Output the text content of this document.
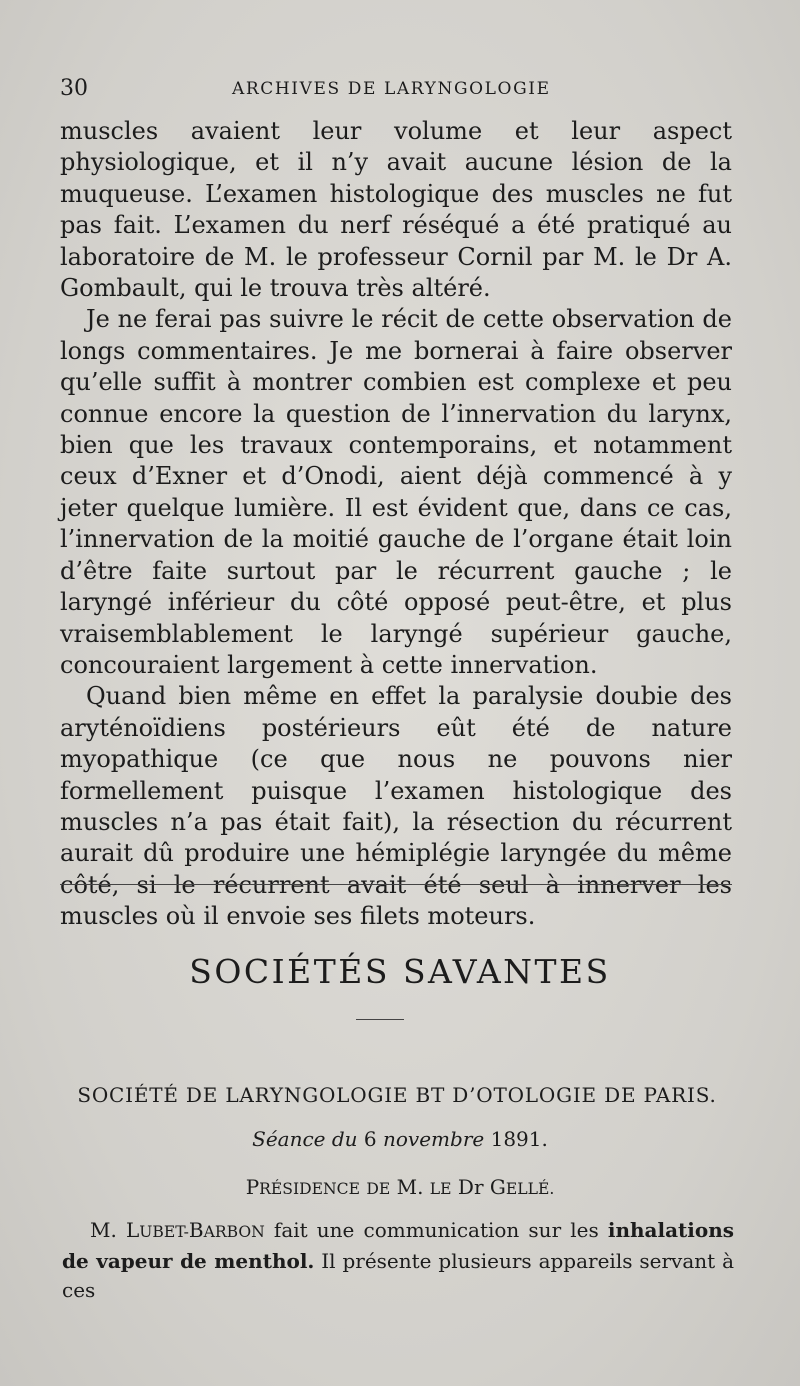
30	ARCHIVES DE LARYNGOLOGIE

muscles avaient leur volume et leur aspect physiologique, et il n’y avait aucune lésion de la muqueuse. L’examen histologique des muscles ne fut pas fait. L’examen du nerf réséqué a été pratiqué au laboratoire de M. le professeur Cornil par M. le Dr A. Gombault, qui le trouva très altéré.

Je ne ferai pas suivre le récit de cette observation de longs commentaires. Je me bornerai à faire observer qu’elle suffit à montrer combien est complexe et peu connue encore la question de l’innervation du larynx, bien que les travaux contemporains, et notamment ceux d’Exner et d’Onodi, aient déjà commencé à y jeter quelque lumière. Il est évident que, dans ce cas, l’innervation de la moitié gauche de l’organe était loin d’être faite surtout par le récurrent gauche ; le laryngé inférieur du côté opposé peut-être, et plus vraisemblablement le laryngé supérieur gauche, concouraient largement à cette innervation.

Quand bien même en effet la paralysie doubie des aryténoïdiens postérieurs eût été de nature myopathique (ce que nous ne pouvons nier formellement puisque l’examen histologique des muscles n’a pas était fait), la résection du récurrent aurait dû produire une hémiplégie laryngée du même côté, si le récurrent avait été seul à innerver les muscles où il envoie ses filets moteurs.

SOCIÉTÉS SAVANTES
SOCIÉTÉ DE LARYNGOLOGIE BT D’OTOLOGIE DE PARIS.
Séance du 6 novembre 1891.
PRÉSIDENCE DE M. LE Dr GELLÉ.
M. LUBET-BARBON fait une communication sur les inhalations de vapeur de menthol. Il présente plusieurs appareils servant à ces
